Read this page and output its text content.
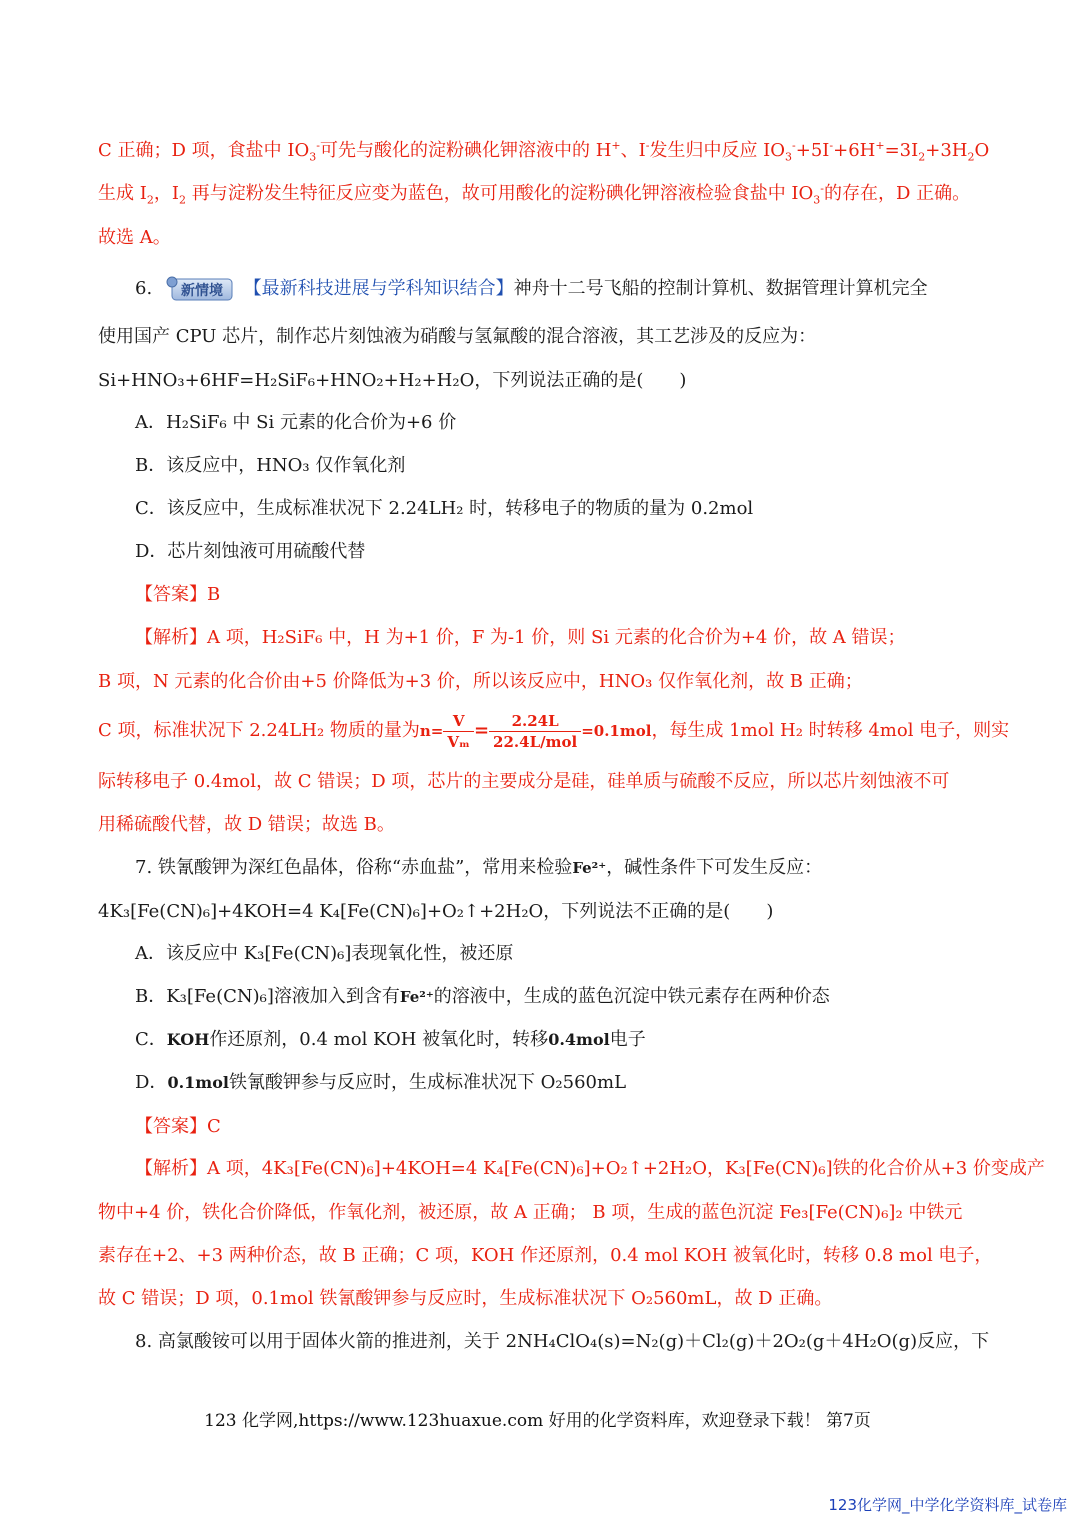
C 正确；D 项，食盐中 $IO_3^-$可先与酸化的淀粉碘化钾溶液中的 H+、I-发生归中反应 $IO_3^-+5I^-+6H^+=3I_2+3H_2O$
生成 $I_2$，$I_2$ 再与淀粉发生特征反应变为蓝色，故可用酸化的淀粉碘化钾溶液检验食盐中 $IO_3^-$的存在，D 正确。
故选 A。
6. 新情境 【最新科技进展与学科知识结合】神舟十二号飞船的控制计算机、数据管理计算机完全
使用国产 CPU 芯片，制作芯片刻蚀液为硝酸与氢氟酸的混合溶液，其工艺涉及的反应为：
Si+HNO₃+6HF=H₂SiF₆+HNO₂+H₂+H₂O，下列说法正确的是(　　)
A．H₂SiF₆ 中 Si 元素的化合价为+6 价
B．该反应中，HNO₃ 仅作氧化剂
C．该反应中，生成标准状况下 2.24LH₂ 时，转移电子的物质的量为 0.2mol
D．芯片刻蚀液可用硫酸代替
【答案】B
【解析】A 项，H₂SiF₆ 中，H 为+1 价，F 为-1 价，则 Si 元素的化合价为+4 价，故 A 错误；
B 项，N 元素的化合价由+5 价降低为+3 价，所以该反应中，HNO₃ 仅作氧化剂，故 B 正确；
C 项，标准状况下 2.24LH₂ 物质的量为$n= \frac{V}{\text{Vₘ}} = \frac{2.24L}{\text{22.4L/mol}} =0.1mol$，每生成 1mol H₂ 时转移 4mol 电子，则实
际转移电子 0.4mol，故 C 错误；D 项，芯片的主要成分是硅，硅单质与硫酸不反应，所以芯片刻蚀液不可
用稀硫酸代替，故 D 错误；故选 B。
7. 铁氰酸钾为深红色晶体，俗称“赤血盐”，常用来检验Fe²⁺，碱性条件下可发生反应：
4K₃[Fe(CN)₆]+4KOH=4 K₄[Fe(CN)₆]+O₂↑+2H₂O，下列说法不正确的是(　　)
A．该反应中 K₃[Fe(CN)₆]表现氧化性，被还原
B．K₃[Fe(CN)₆]溶液加入到含有Fe²⁺的溶液中，生成的蓝色沉淀中铁元素存在两种价态
C．KOH作还原剂，0.4 mol KOH 被氧化时，转移0.4mol电子
D．0.1mol铁氰酸钾参与反应时，生成标准状况下 O₂560mL
【答案】C
【解析】A 项，4K₃[Fe(CN)₆]+4KOH=4 K₄[Fe(CN)₆]+O₂↑+2H₂O，K₃[Fe(CN)₆]铁的化合价从+3 价变成产
物中+4 价，铁化合价降低，作氧化剂，被还原，故 A 正确； B 项，生成的蓝色沉淀 Fe₃[Fe(CN)₆]₂ 中铁元
素存在+2、+3 两种价态，故 B 正确；C 项，KOH 作还原剂，0.4 mol KOH 被氧化时，转移 0.8 mol 电子，
故 C 错误；D 项，0.1mol 铁氰酸钾参与反应时，生成标准状况下 O₂560mL，故 D 正确。
8. 高氯酸铵可以用于固体火箭的推进剂，关于 2NH₄ClO₄(s)=N₂(g)＋Cl₂(g)＋2O₂(g＋4H₂O(g)反应，下
123 化学网,https://www.123huaxue.com 好用的化学资料库，欢迎登录下载！ 第7页
123化学网_中学化学资料库_试卷库
